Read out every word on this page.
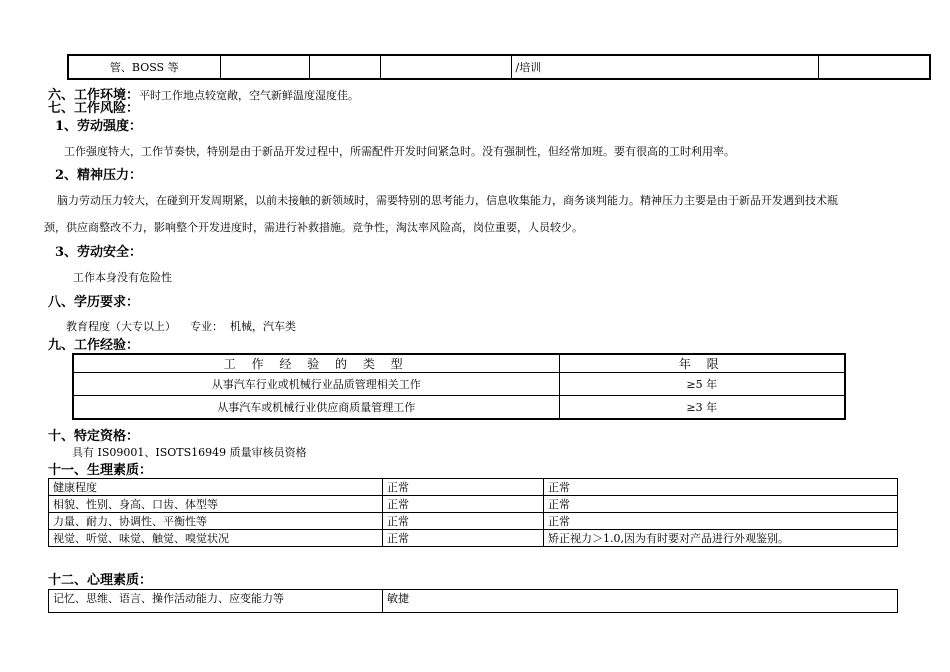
管、BOSS 等				/培训	
六、工作环境：平时工作地点较宽敞，空气新鲜温度湿度佳。
七、工作风险：
1、劳动强度：
工作强度特大，工作节奏快，特别是由于新品开发过程中，所需配件开发时间紧急时。没有强制性，但经常加班。要有很高的工时利用率。
2、精神压力：
脑力劳动压力较大，在碰到开发周期紧，以前未接触的新领域时，需要特别的思考能力，信息收集能力，商务谈判能力。精神压力主要是由于新品开发遇到技术瓶
颈，供应商整改不力，影响整个开发进度时，需进行补救措施。竞争性，淘汰率风险高，岗位重要，人员较少。
3、劳动安全：
工作本身没有危险性
八、学历要求：
教育程度（大专以上）    专业：  机械，汽车类
九、工作经验：
工 作 经 验 的 类 型	年 限
从事汽车行业或机械行业品质管理相关工作	≥5 年
从事汽车或机械行业供应商质量管理工作	≥3 年
十、特定资格：
具有 IS09001、ISOTS16949 质量审核员资格
十一、生理素质：
健康程度	正常	正常
相貌、性别、身高、口齿、体型等	正常	正常
力量、耐力、协调性、平衡性等	正常	正常
视觉、听觉、味觉、触觉、嗅觉状况	正常	矫正视力＞1.0,因为有时要对产品进行外观鉴别。
十二、心理素质：
记忆、思维、语言、操作活动能力、应变能力等	敏捷
